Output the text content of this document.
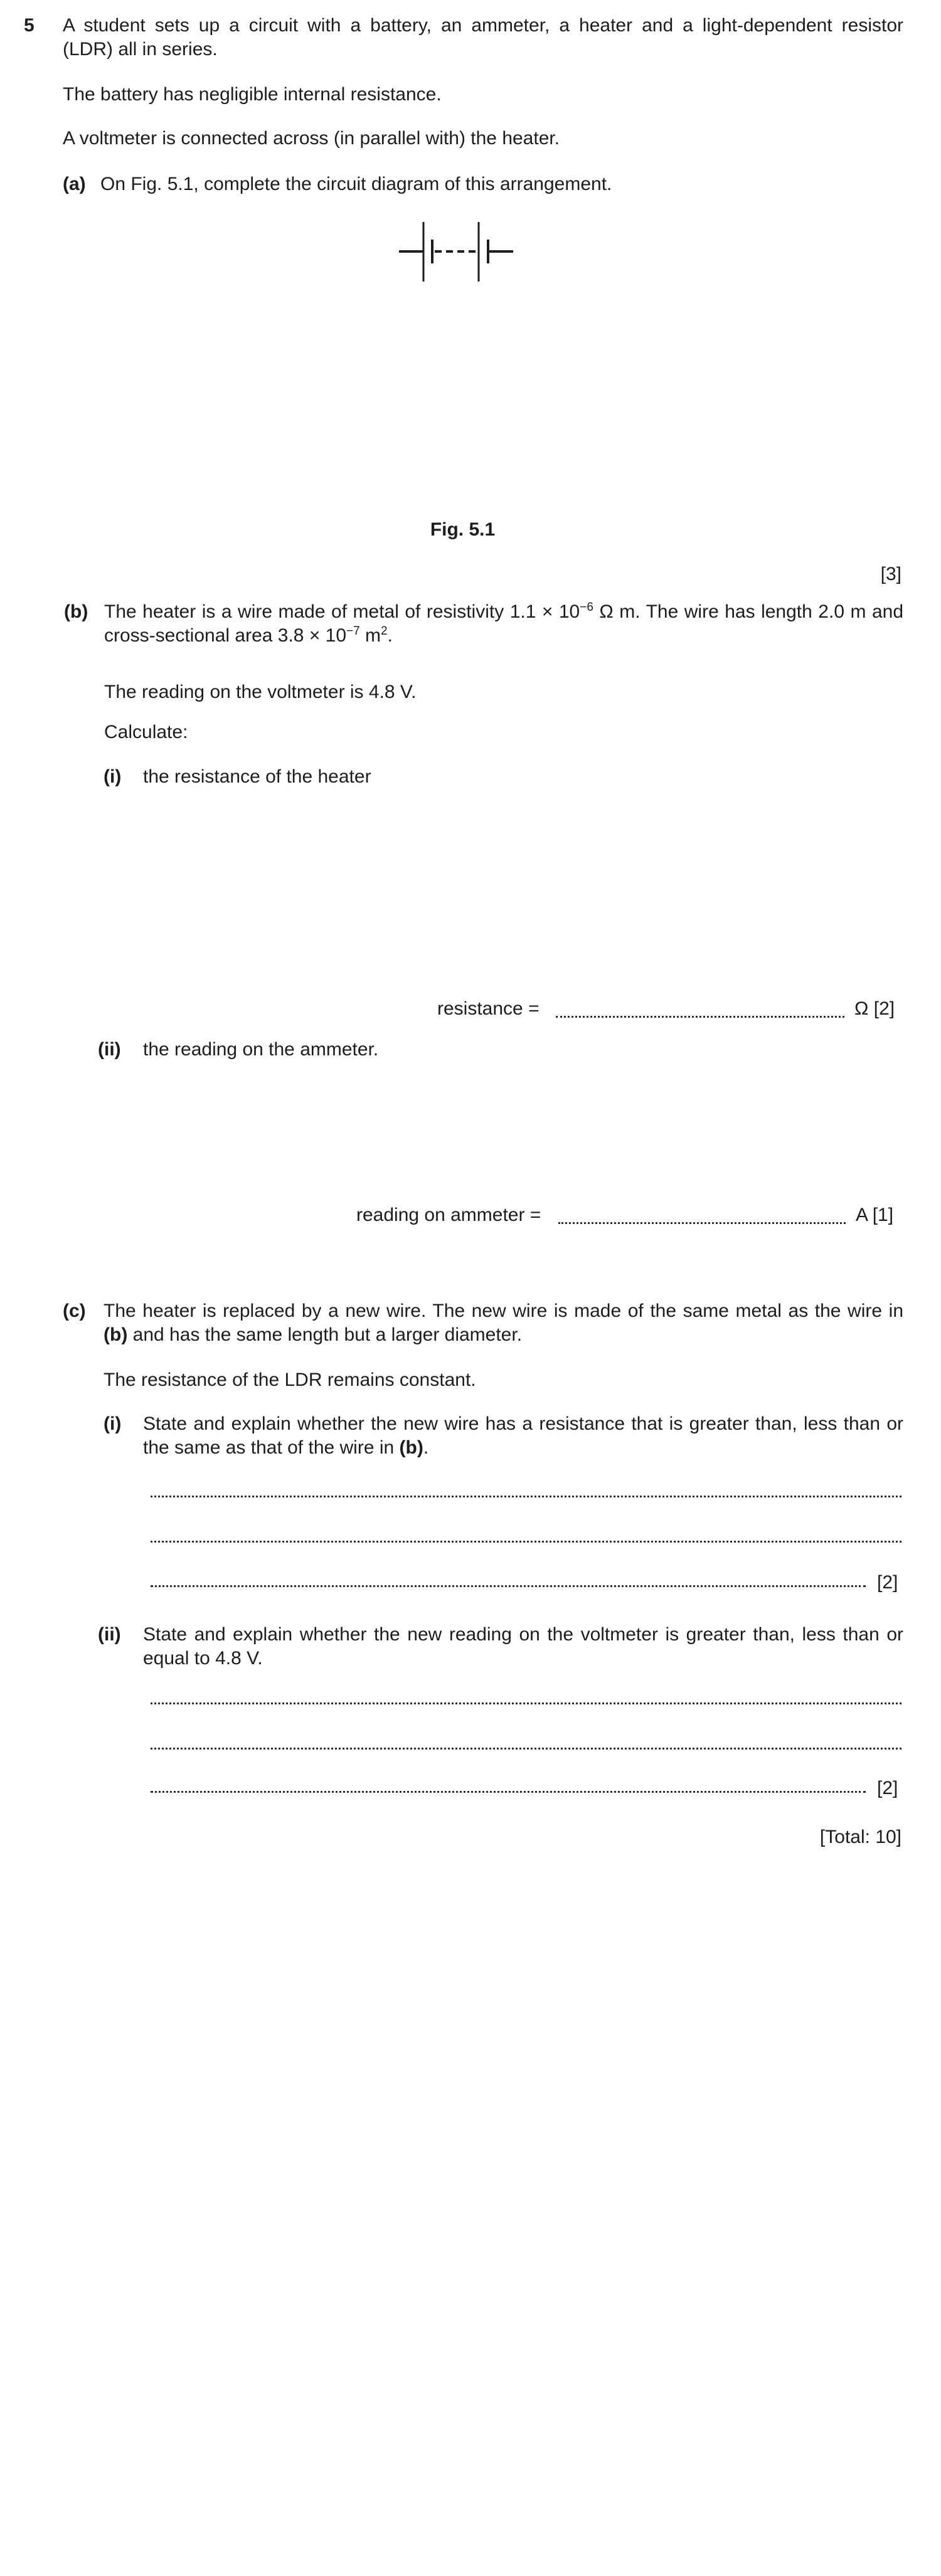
5 A student sets up a circuit with a battery, an ammeter, a heater and a light-dependent resistor
(LDR) all in series.
The battery has negligible internal resistance.
A voltmeter is connected across (in parallel with) the heater.
(a) On Fig. 5.1, complete the circuit diagram of this arrangement.
Fig. 5.1
[3]
(b) The heater is a wire made of metal of resistivity $1.1 \times 10^{-6}$ Ω m. The wire has length 2.0 m and
cross-sectional area $3.8 \times 10^{-7}$ $m^2$.
The reading on the voltmeter is 4.8 V.
Calculate:
(i) the resistance of the heater
resistance =	Ω [2]
(ii) the reading on the ammeter.
reading on ammeter =	A [1]
(c) The heater is replaced by a new wire. The new wire is made of the same metal as the wire in
(b) and has the same length but a larger diameter.
The resistance of the LDR remains constant.
(i) State and explain whether the new wire has a resistance that is greater than, less than or
the same as that of the wire in (b).
[2]
(ii) State and explain whether the new reading on the voltmeter is greater than, less than or
equal to 4.8 V.
[2]
[Total: 10]
